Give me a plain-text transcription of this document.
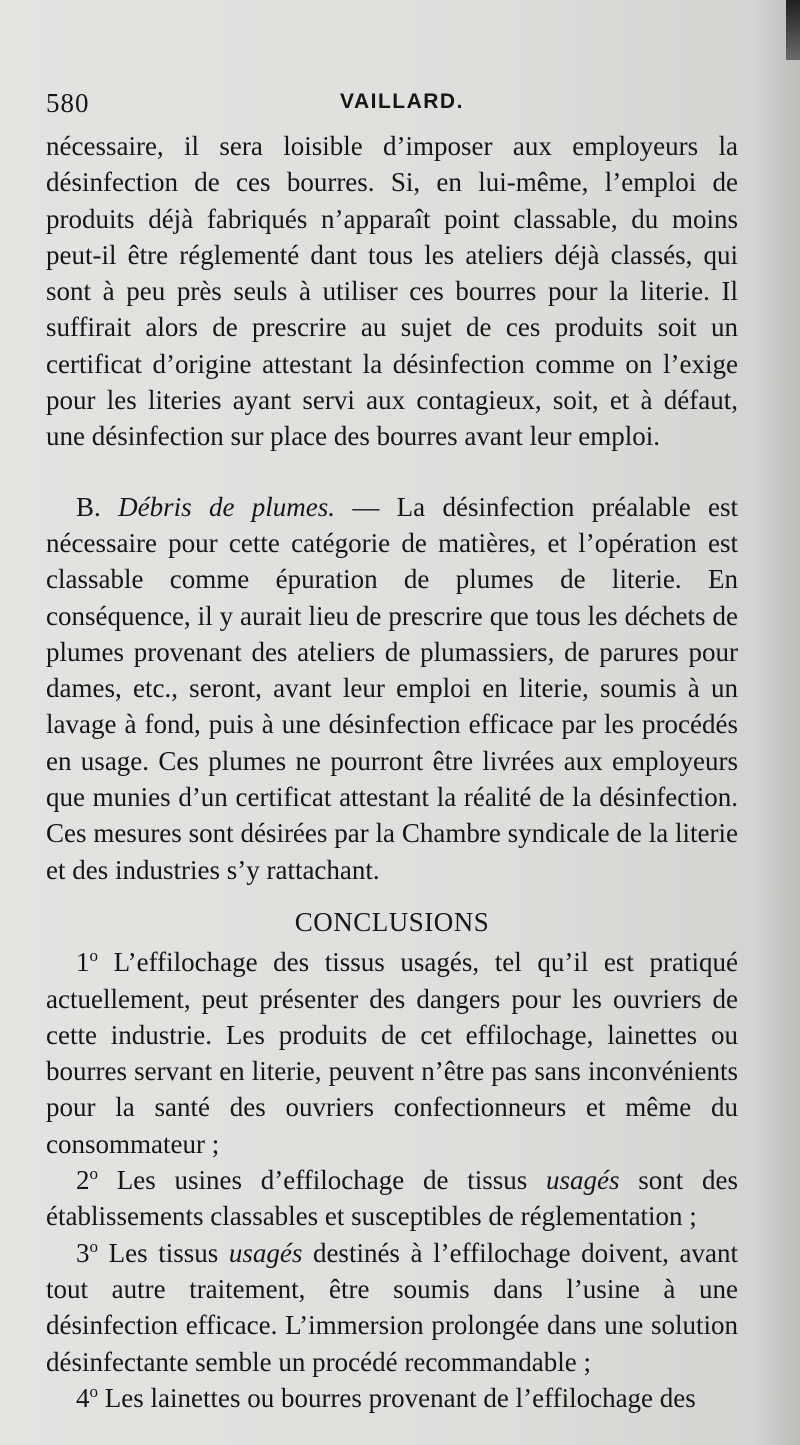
580	VAILLARD.

nécessaire, il sera loisible d’imposer aux employeurs la désinfection de ces bourres. Si, en lui-même, l’emploi de produits déjà fabriqués n’apparaît point classable, du moins peut-il être réglementé dant tous les ateliers déjà classés, qui sont à peu près seuls à utiliser ces bourres pour la literie. Il suffirait alors de prescrire au sujet de ces produits soit un certificat d’origine attestant la désinfection comme on l’exige pour les literies ayant servi aux contagieux, soit, et à défaut, une désinfection sur place des bourres avant leur emploi.

B. Débris de plumes. — La désinfection préalable est nécessaire pour cette catégorie de matières, et l’opération est classable comme épuration de plumes de literie. En conséquence, il y aurait lieu de prescrire que tous les déchets de plumes provenant des ateliers de plumassiers, de parures pour dames, etc., seront, avant leur emploi en literie, soumis à un lavage à fond, puis à une désinfection efficace par les procédés en usage. Ces plumes ne pourront être livrées aux employeurs que munies d’un certificat attestant la réalité de la désinfection. Ces mesures sont désirées par la Chambre syndicale de la literie et des industries s’y rattachant.

CONCLUSIONS

1$^o$ L’effilochage des tissus usagés, tel qu’il est pratiqué actuellement, peut présenter des dangers pour les ouvriers de cette industrie. Les produits de cet effilochage, lainettes ou bourres servant en literie, peuvent n’être pas sans inconvénients pour la santé des ouvriers confectionneurs et même du consommateur ;

2$^o$ Les usines d’effilochage de tissus usagés sont des établissements classables et susceptibles de réglementation ;

3$^o$ Les tissus usagés destinés à l’effilochage doivent, avant tout autre traitement, être soumis dans l’usine à une désinfection efficace. L’immersion prolongée dans une solution désinfectante semble un procédé recommandable ;

4$^o$ Les lainettes ou bourres provenant de l’effilochage des
